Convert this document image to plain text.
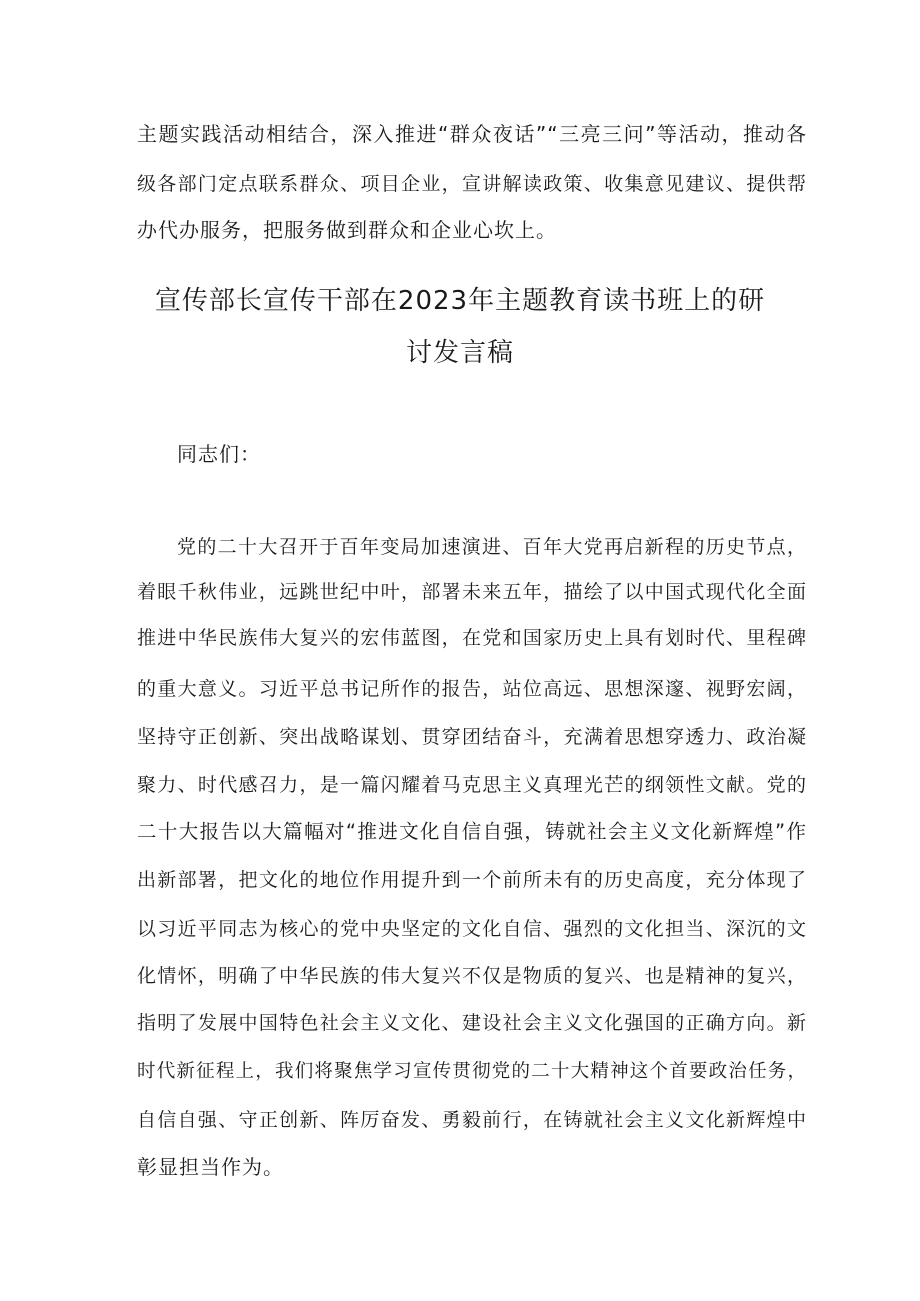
主题实践活动相结合，深入推进“群众夜话”“三亮三问”等活动，推动各
级各部门定点联系群众、项目企业，宣讲解读政策、收集意见建议、提供帮
办代办服务，把服务做到群众和企业心坎上。
宣传部长宣传干部在2023年主题教育读书班上的研
讨发言稿
同志们：
党的二十大召开于百年变局加速演进、百年大党再启新程的历史节点，
着眼千秋伟业，远跳世纪中叶，部署未来五年，描绘了以中国式现代化全面
推进中华民族伟大复兴的宏伟蓝图，在党和国家历史上具有划时代、里程碑
的重大意义。习近平总书记所作的报告，站位高远、思想深邃、视野宏阔，
坚持守正创新、突出战略谋划、贯穿团结奋斗，充满着思想穿透力、政治凝
聚力、时代感召力，是一篇闪耀着马克思主义真理光芒的纲领性文献。党的
二十大报告以大篇幅对“推进文化自信自强，铸就社会主义文化新辉煌”作
出新部署，把文化的地位作用提升到一个前所未有的历史高度，充分体现了
以习近平同志为核心的党中央坚定的文化自信、强烈的文化担当、深沉的文
化情怀，明确了中华民族的伟大复兴不仅是物质的复兴、也是精神的复兴，
指明了发展中国特色社会主义文化、建设社会主义文化强国的正确方向。新
时代新征程上，我们将聚焦学习宣传贯彻党的二十大精神这个首要政治任务，
自信自强、守正创新、阵厉奋发、勇毅前行，在铸就社会主义文化新辉煌中
彰显担当作为。
